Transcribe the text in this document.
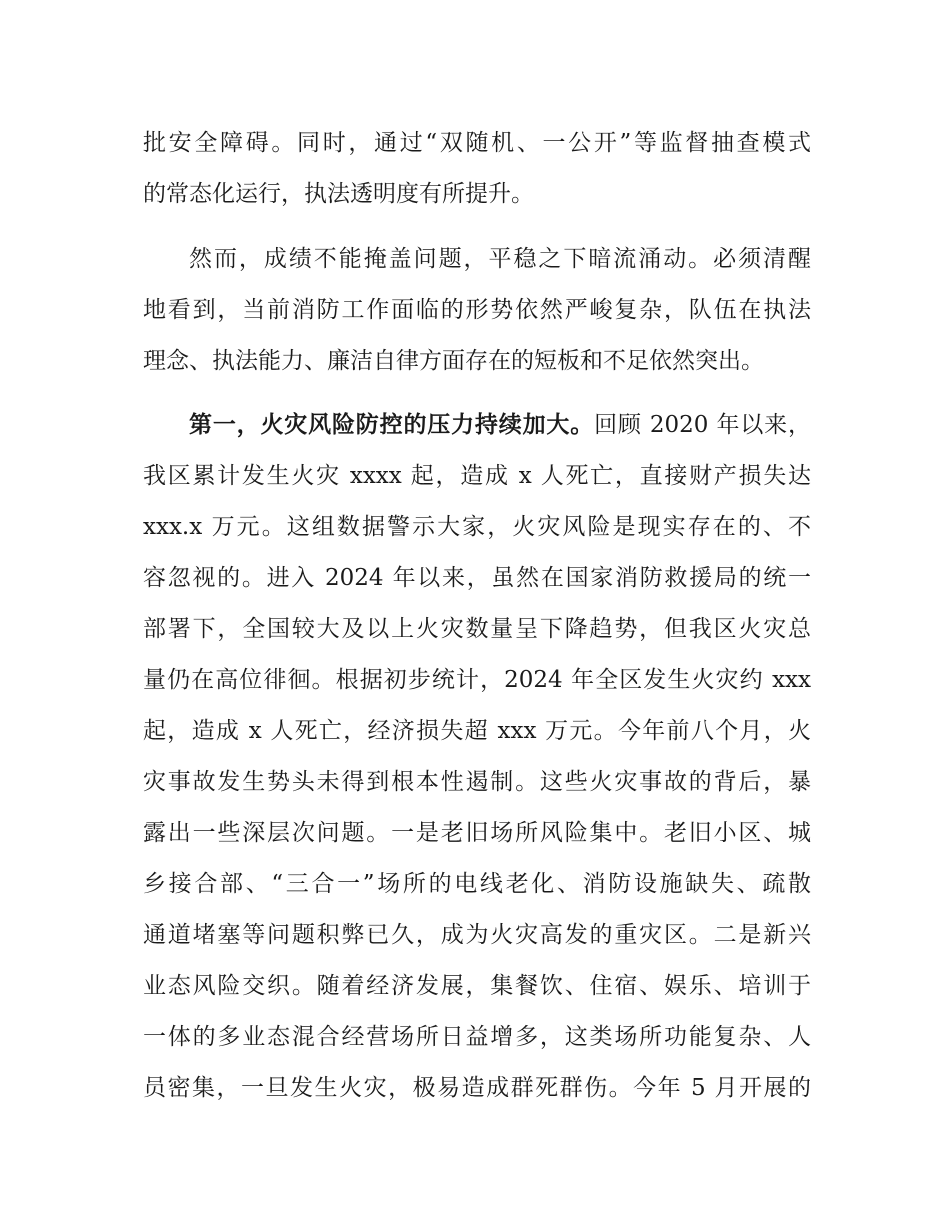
批安全障碍。同时，通过“双随机、一公开”等监督抽查模式
的常态化运行，执法透明度有所提升。
然而，成绩不能掩盖问题，平稳之下暗流涌动。必须清醒
地看到，当前消防工作面临的形势依然严峻复杂，队伍在执法
理念、执法能力、廉洁自律方面存在的短板和不足依然突出。
第一，火灾风险防控的压力持续加大。回顾 2020 年以来，
我区累计发生火灾 xxxx 起，造成 x 人死亡，直接财产损失达
xxx.x 万元。这组数据警示大家，火灾风险是现实存在的、不
容忽视的。进入 2024 年以来，虽然在国家消防救援局的统一
部署下，全国较大及以上火灾数量呈下降趋势，但我区火灾总
量仍在高位徘徊。根据初步统计，2024 年全区发生火灾约 xxx
起，造成 x 人死亡，经济损失超 xxx 万元。今年前八个月，火
灾事故发生势头未得到根本性遏制。这些火灾事故的背后，暴
露出一些深层次问题。一是老旧场所风险集中。老旧小区、城
乡接合部、“三合一”场所的电线老化、消防设施缺失、疏散
通道堵塞等问题积弊已久，成为火灾高发的重灾区。二是新兴
业态风险交织。随着经济发展，集餐饮、住宿、娱乐、培训于
一体的多业态混合经营场所日益增多，这类场所功能复杂、人
员密集，一旦发生火灾，极易造成群死群伤。今年 5 月开展的
